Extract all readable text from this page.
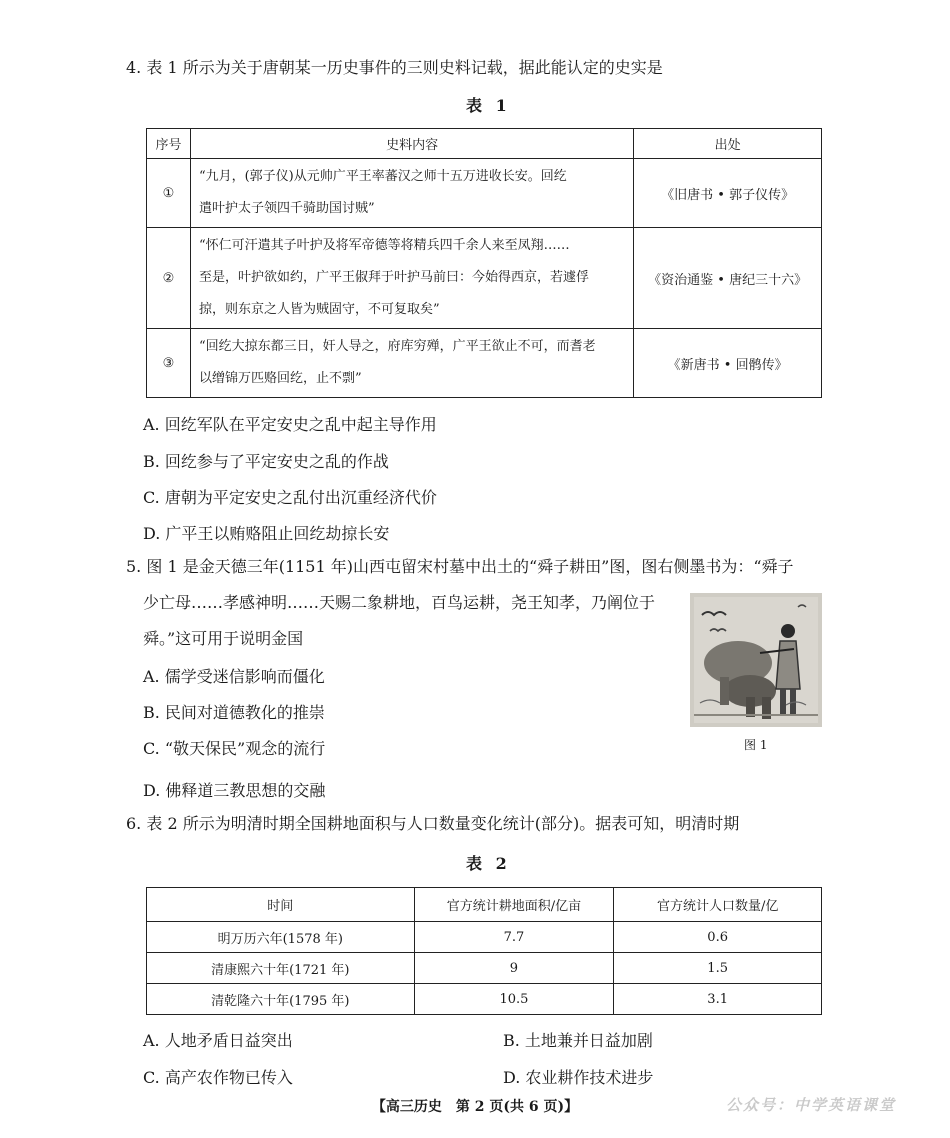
4. 表 1 所示为关于唐朝某一历史事件的三则史料记载，据此能认定的史实是
表 1
序号	史料内容	出处
①	“九月，(郭子仪)从元帅广平王率蕃汉之师十五万进收长安。回纥
遣叶护太子领四千骑助国讨贼”	《旧唐书 • 郭子仪传》
②	“怀仁可汗遣其子叶护及将军帝德等将精兵四千余人来至凤翔……
至是，叶护欲如约，广平王俶拜于叶护马前曰：今始得西京，若遽俘
掠，则东京之人皆为贼固守，不可复取矣”	《资治通鉴 • 唐纪三十六》
③	“回纥大掠东都三日，奸人导之，府库穷殚，广平王欲止不可，而耆老
以缯锦万匹赂回纥，止不剽”	《新唐书 • 回鹘传》
A. 回纥军队在平定安史之乱中起主导作用
B. 回纥参与了平定安史之乱的作战
C. 唐朝为平定安史之乱付出沉重经济代价
D. 广平王以贿赂阻止回纥劫掠长安
5. 图 1 是金天德三年(1151 年)山西屯留宋村墓中出土的“舜子耕田”图，图右侧墨书为：“舜子
少亡母……孝感神明……天赐二象耕地，百鸟运耕，尧王知孝，乃阐位于
舜。”这可用于说明金国
图 1
A. 儒学受迷信影响而僵化
B. 民间对道德教化的推崇
C. “敬天保民”观念的流行
D. 佛释道三教思想的交融
6. 表 2 所示为明清时期全国耕地面积与人口数量变化统计(部分)。据表可知，明清时期
表 2
时间	官方统计耕地面积/亿亩	官方统计人口数量/亿
明万历六年(1578 年)	7.7	0.6
清康熙六十年(1721 年)	9	1.5
清乾隆六十年(1795 年)	10.5	3.1
A. 人地矛盾日益突出	B. 土地兼并日益加剧
C. 高产农作物已传入	D. 农业耕作技术进步
【高三历史　第 2 页(共 6 页)】	公众号：中学英语课堂
